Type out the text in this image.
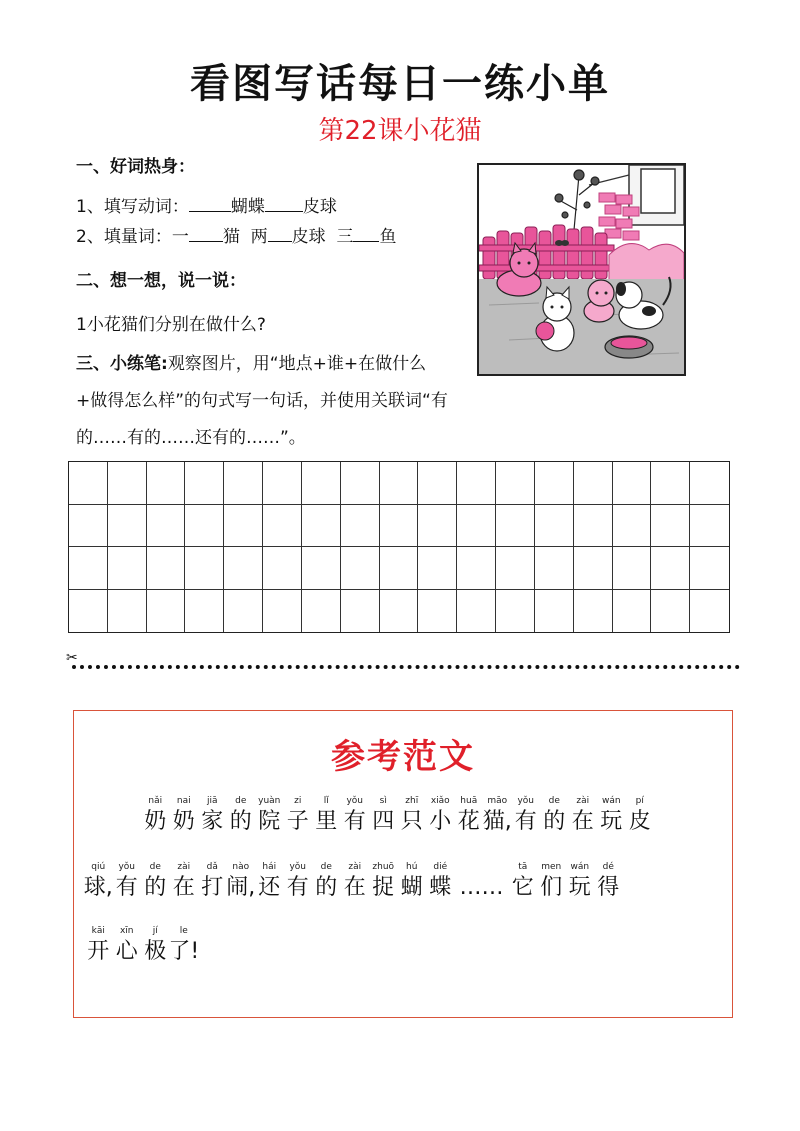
看图写话每日一练小单
第22课小花猫
一、好词热身：
1、填写动词： 蝴蝶 皮球
2、填量词：一 猫 两 皮球 三 鱼
二、想一想，说一说：
1小花猫们分别在做什么?
三、小练笔:观察图片，用“地点+谁+在做什么+做得怎么样”的句式写一句话，并使用关联词“有的……有的……还有的……”。
✂
参考范文
nǎi
奶
nai
奶
jiā
家
de
的
yuàn
院
zi
子
lǐ
里
yǒu
有
sì
四
zhī
只
xiǎo
小
huā
花
māo
猫,
yǒu
有
de
的
zài
在
wán
玩
pí
皮
qiú
球,
yǒu
有
de
的
zài
在
dǎ
打
nào
闹,
hái
还
yǒu
有
de
的
zài
在
zhuō
捉
hú
蝴
dié
蝶 ……
tā
它
men
们
wán
玩
dé
得
kāi
开
xīn
心
jí
极
le
了!
